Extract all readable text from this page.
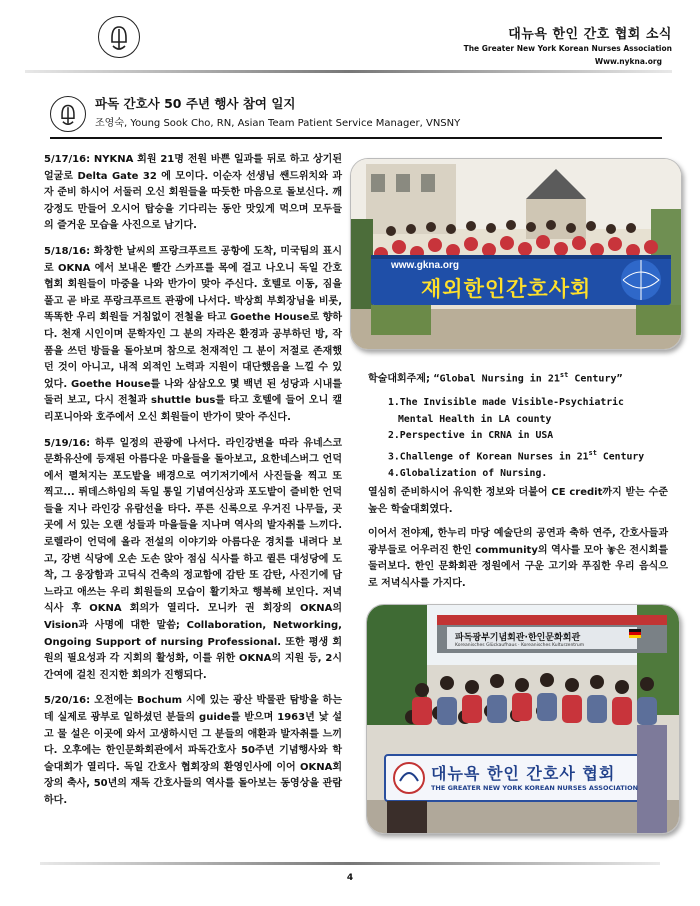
대뉴욕 한인 간호 협회 소식
The Greater New York Korean Nurses Association
Www.nykna.org
파독 간호사 50 주년 행사 참여 일지
조영숙, Young Sook Cho, RN, Asian Team Patient Service Manager, VNSNY

5/17/16: NYKNA 회원 21명 전원 바쁜 일과를 뒤로 하고 상기된 얼굴로 Delta Gate 32 에 모이다. 이순자 선생님 쌘드위치와 과자 준비 하시어 서둘러 오신 회원들을 따듯한 마음으로 돌보신다. 깨강정도 만들어 오시어 탑승을 기다리는 동안 맛있게 먹으며 모두들의 즐거운 모습을 사진으로 남기다.

5/18/16: 화창한 날씨의 프랑크푸르트 공항에 도착, 미국팀의 표시로 OKNA 에서 보내온 빨간 스카프를 목에 걸고 나오니 독일 간호협회 회원들이 마중을 나와 반가이 맞아 주신다. 호텔로 이동, 짐을 풀고 곧 바로 푸랑크푸르트 관광에 나서다. 박상희 부회장님을 비롯, 똑똑한 우리 회원들 거침없이 전철을 타고 Goethe House로 향하다. 천재 시인이며 문학자인 그 분의 자라온 환경과 공부하던 방, 작품을 쓰던 방들을 돌아보며 참으로 천재적인 그 분이 저절로 존재했던 것이 아니고, 내적 외적인 노력과 지원이 대단했음을 느낄 수 있었다. Goethe House를 나와 삼삼오오 몇 백년 된 성당과 시내를 둘러 보고, 다시 전철과 shuttle bus를 타고 호텔에 들어 오니 캘리포니아와 호주에서 오신 회원들이 반가이 맞아 주신다.

5/19/16: 하루 일정의 관광에 나서다. 라인강변을 따라 유네스코 문화유산에 등재된 아름다운 마을들을 돌아보고, 요한네스버그 언덕에서 펼쳐지는 포도밭을 배경으로 여기저기에서 사진들을 찍고 또 찍고... 뤼데스하임의 독일 통일 기념여신상과 포도밭이 즐비한 언덕들을 지나 라인강 유람선을 타다. 푸른 신록으로 우거진 나무들, 곳곳에 서 있는 오랜 성들과 마을들을 지나며 역사의 발자취를 느끼다. 로렐라이 언덕에 올라 전설의 이야기와 아름다운 경치를 내려다 보고, 강변 식당에 오손 도손 앉아 점심 식사를 하고 퀼른 대성당에 도착, 그 웅장함과 고딕식 건축의 정교함에 감탄 또 감탄, 사진기에 담느라고 애쓰는 우리 회원들의 모습이 활기차고 행복해 보인다. 저녁 식사 후 OKNA 회의가 열리다. 모니카 권 회장의 OKNA의 Vision과 사명에 대한 말씀; Collaboration, Networking, Ongoing Support of nursing Professional. 또한 평생 회원의 필요성과 각 지회의 활성화, 이를 위한 OKNA의 지원 등, 2시간여에 걸친 진지한 회의가 진행되다.

5/20/16: 오전에는 Bochum 시에 있는 광산 박물관 탐방을 하는데 실제로 광부로 일하셨던 분들의 guide를 받으며 1963년 낯 설고 물 설은 이곳에 와서 고생하시던 그 분들의 애환과 발자취를 느끼다. 오후에는 한인문화회관에서 파독간호사 50주년 기념행사와 학술대회가 열리다. 독일 간호사 협회장의 환영인사에 이어 OKNA회장의 축사, 50년의 재독 간호사들의 역사를 돌아보는 동영상을 관람하다.

www.gkna.org
재외한인간호사회
학술대회주제; “Global Nursing in 21st Century”

1.The Invisible made Visible-Psychiatric

Mental Health in LA county

2.Perspective in CRNA in USA

3.Challenge of Korean Nurses in 21st Century

4.Globalization of Nursing.

열심히 준비하시어 유익한 정보와 더불어 CE credit까지 받는 수준 높은 학술대회였다.
이어서 전야제, 한누리 마당 예술단의 공연과 축하 연주, 간호사들과 광부들로 어우러진 한인 community의 역사를 모아 놓은 전시회를 둘러보다. 한인 문화회관 정원에서 구운 고기와 푸짐한 우리 음식으로 저녁식사를 가지다.
파독광부기념회관·한인문화회관
Koreanisches Glückaufhaus · Koreanisches Kulturzentrum
대뉴욕 한인 간호사 협회
THE GREATER NEW YORK KOREAN NURSES ASSOCIATION
4
